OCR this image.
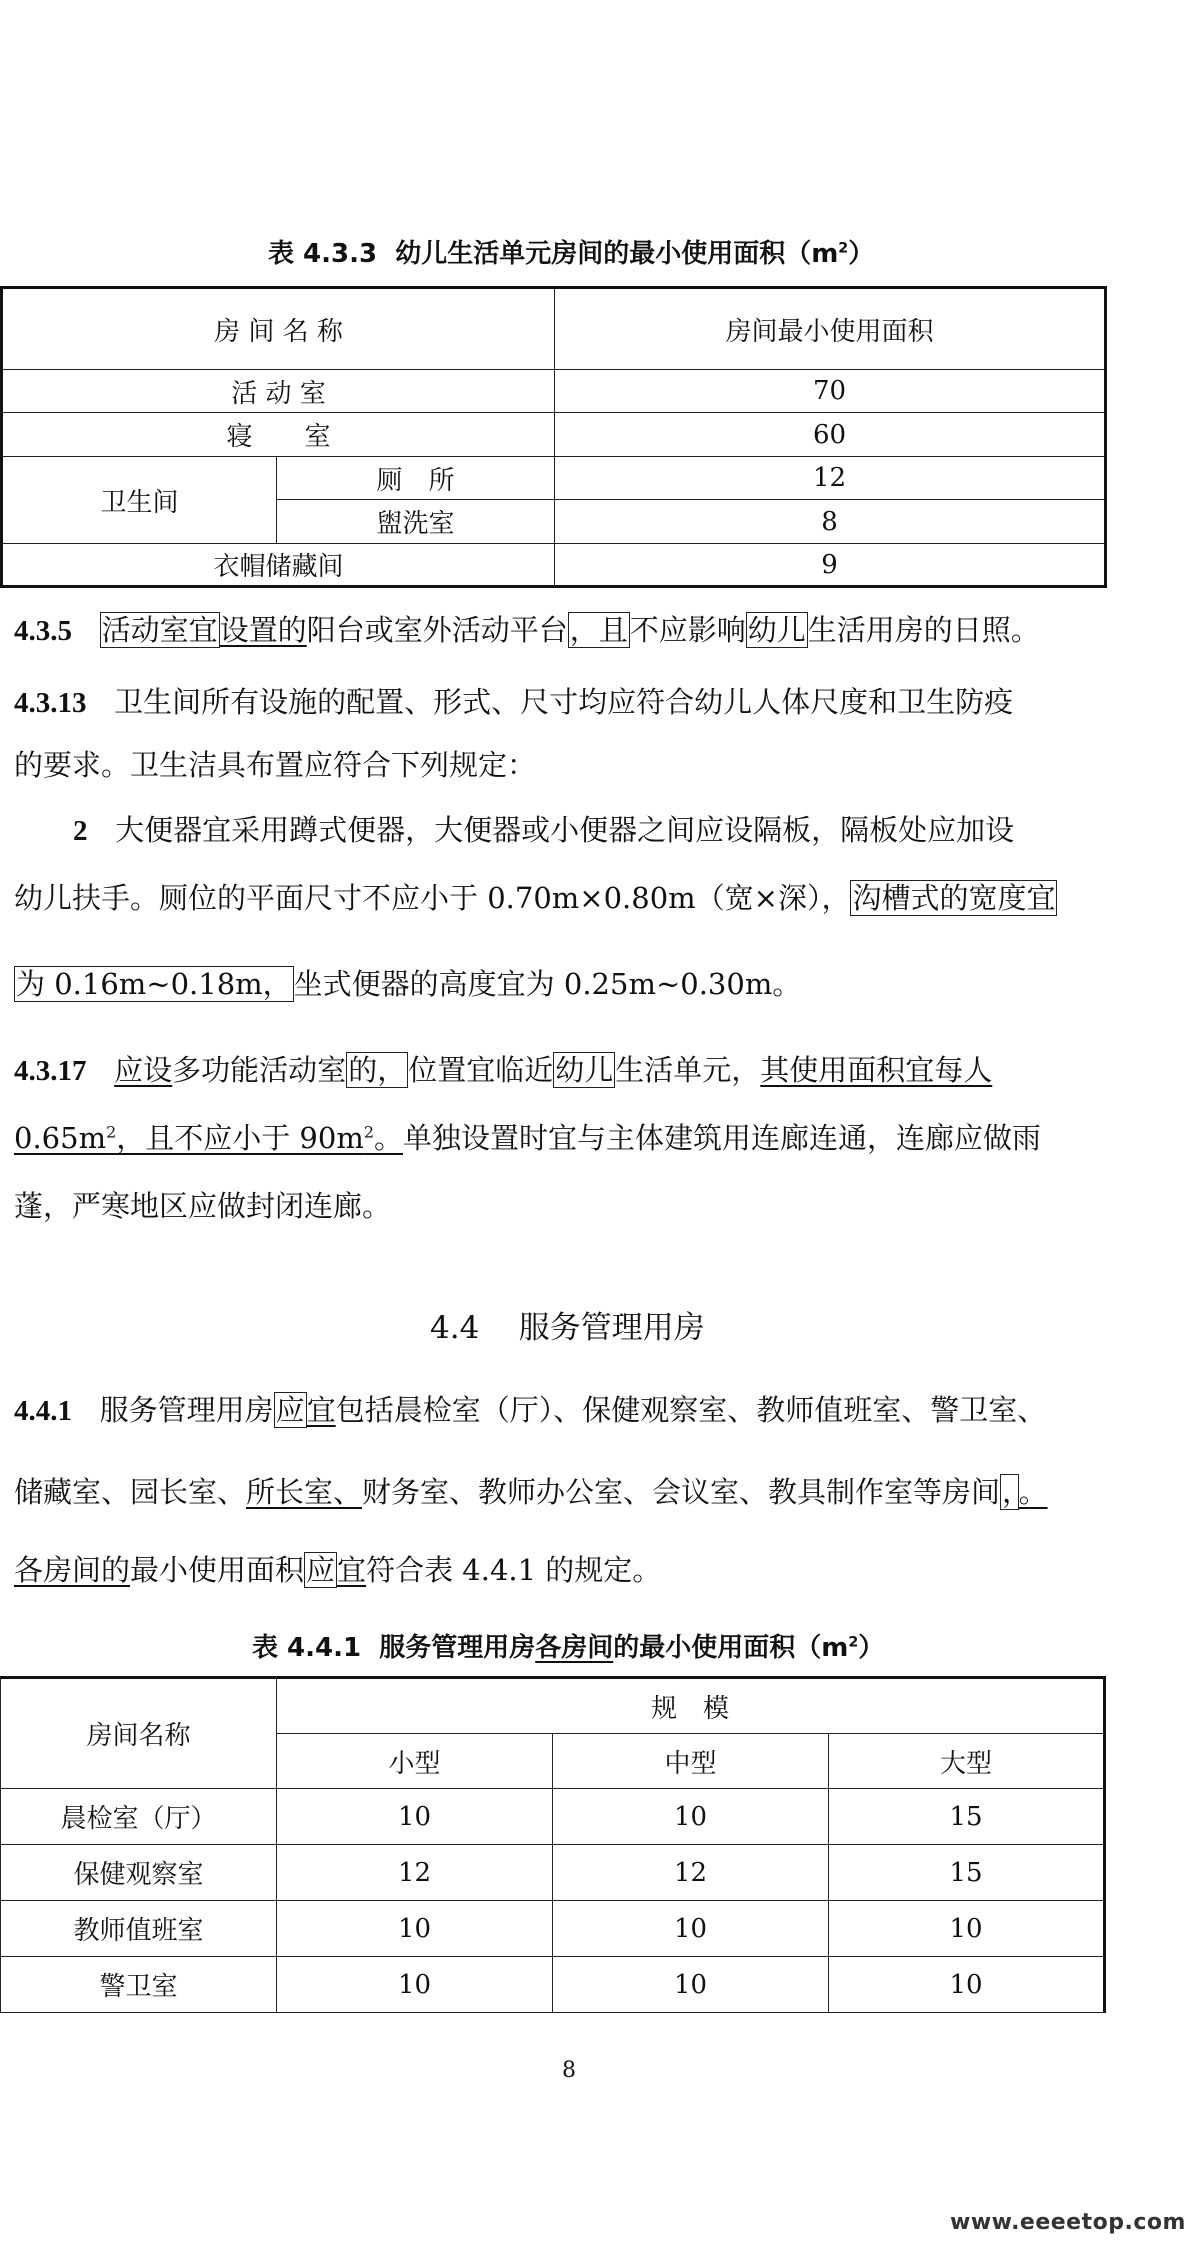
表 4.3.3 幼儿生活单元房间的最小使用面积$(m^2)$
房 间 名 称		房间最小使用面积
活 动 室		70
寝　　室		60
卫生间	厕　所	12
	盥洗室	8
衣帽储藏间		9
4.3.5 活动室宜设置的阳台或室外活动平台，且不应影响幼儿生活用房的日照。
4.3.13 卫生间所有设施的配置、形式、尺寸均应符合幼儿人体尺度和卫生防疫
的要求。卫生洁具布置应符合下列规定：
2 大便器宜采用蹲式便器，大便器或小便器之间应设隔板，隔板处应加设
幼儿扶手。厕位的平面尺寸不应小于 0.70m×0.80m（宽×深），沟槽式的宽度宜
为 0.16m~0.18m，坐式便器的高度宜为 0.25m~0.30m。
4.3.17 应设多功能活动室的，位置宜临近幼儿生活单元，其使用面积宜每人
$0.65m^2$，且不应小于 $90m^2$。单独设置时宜与主体建筑用连廊连通，连廊应做雨
蓬，严寒地区应做封闭连廊。
4.4 服务管理用房
4.4.1 服务管理用房应宜包括晨检室（厅）、保健观察室、教师值班室、警卫室、
储藏室、园长室、所长室、财务室、教师办公室、会议室、教具制作室等房间，。
各房间的最小使用面积应宜符合表 4.4.1 的规定。
表 4.4.1 服务管理用房各房间的最小使用面积$(m^2)$
房间名称	规　模		
	小型	中型	大型
晨检室（厅）	10	10	15
保健观察室	12	12	15
教师值班室	10	10	10
警卫室	10	10	10
8
www.eeeetop.com
